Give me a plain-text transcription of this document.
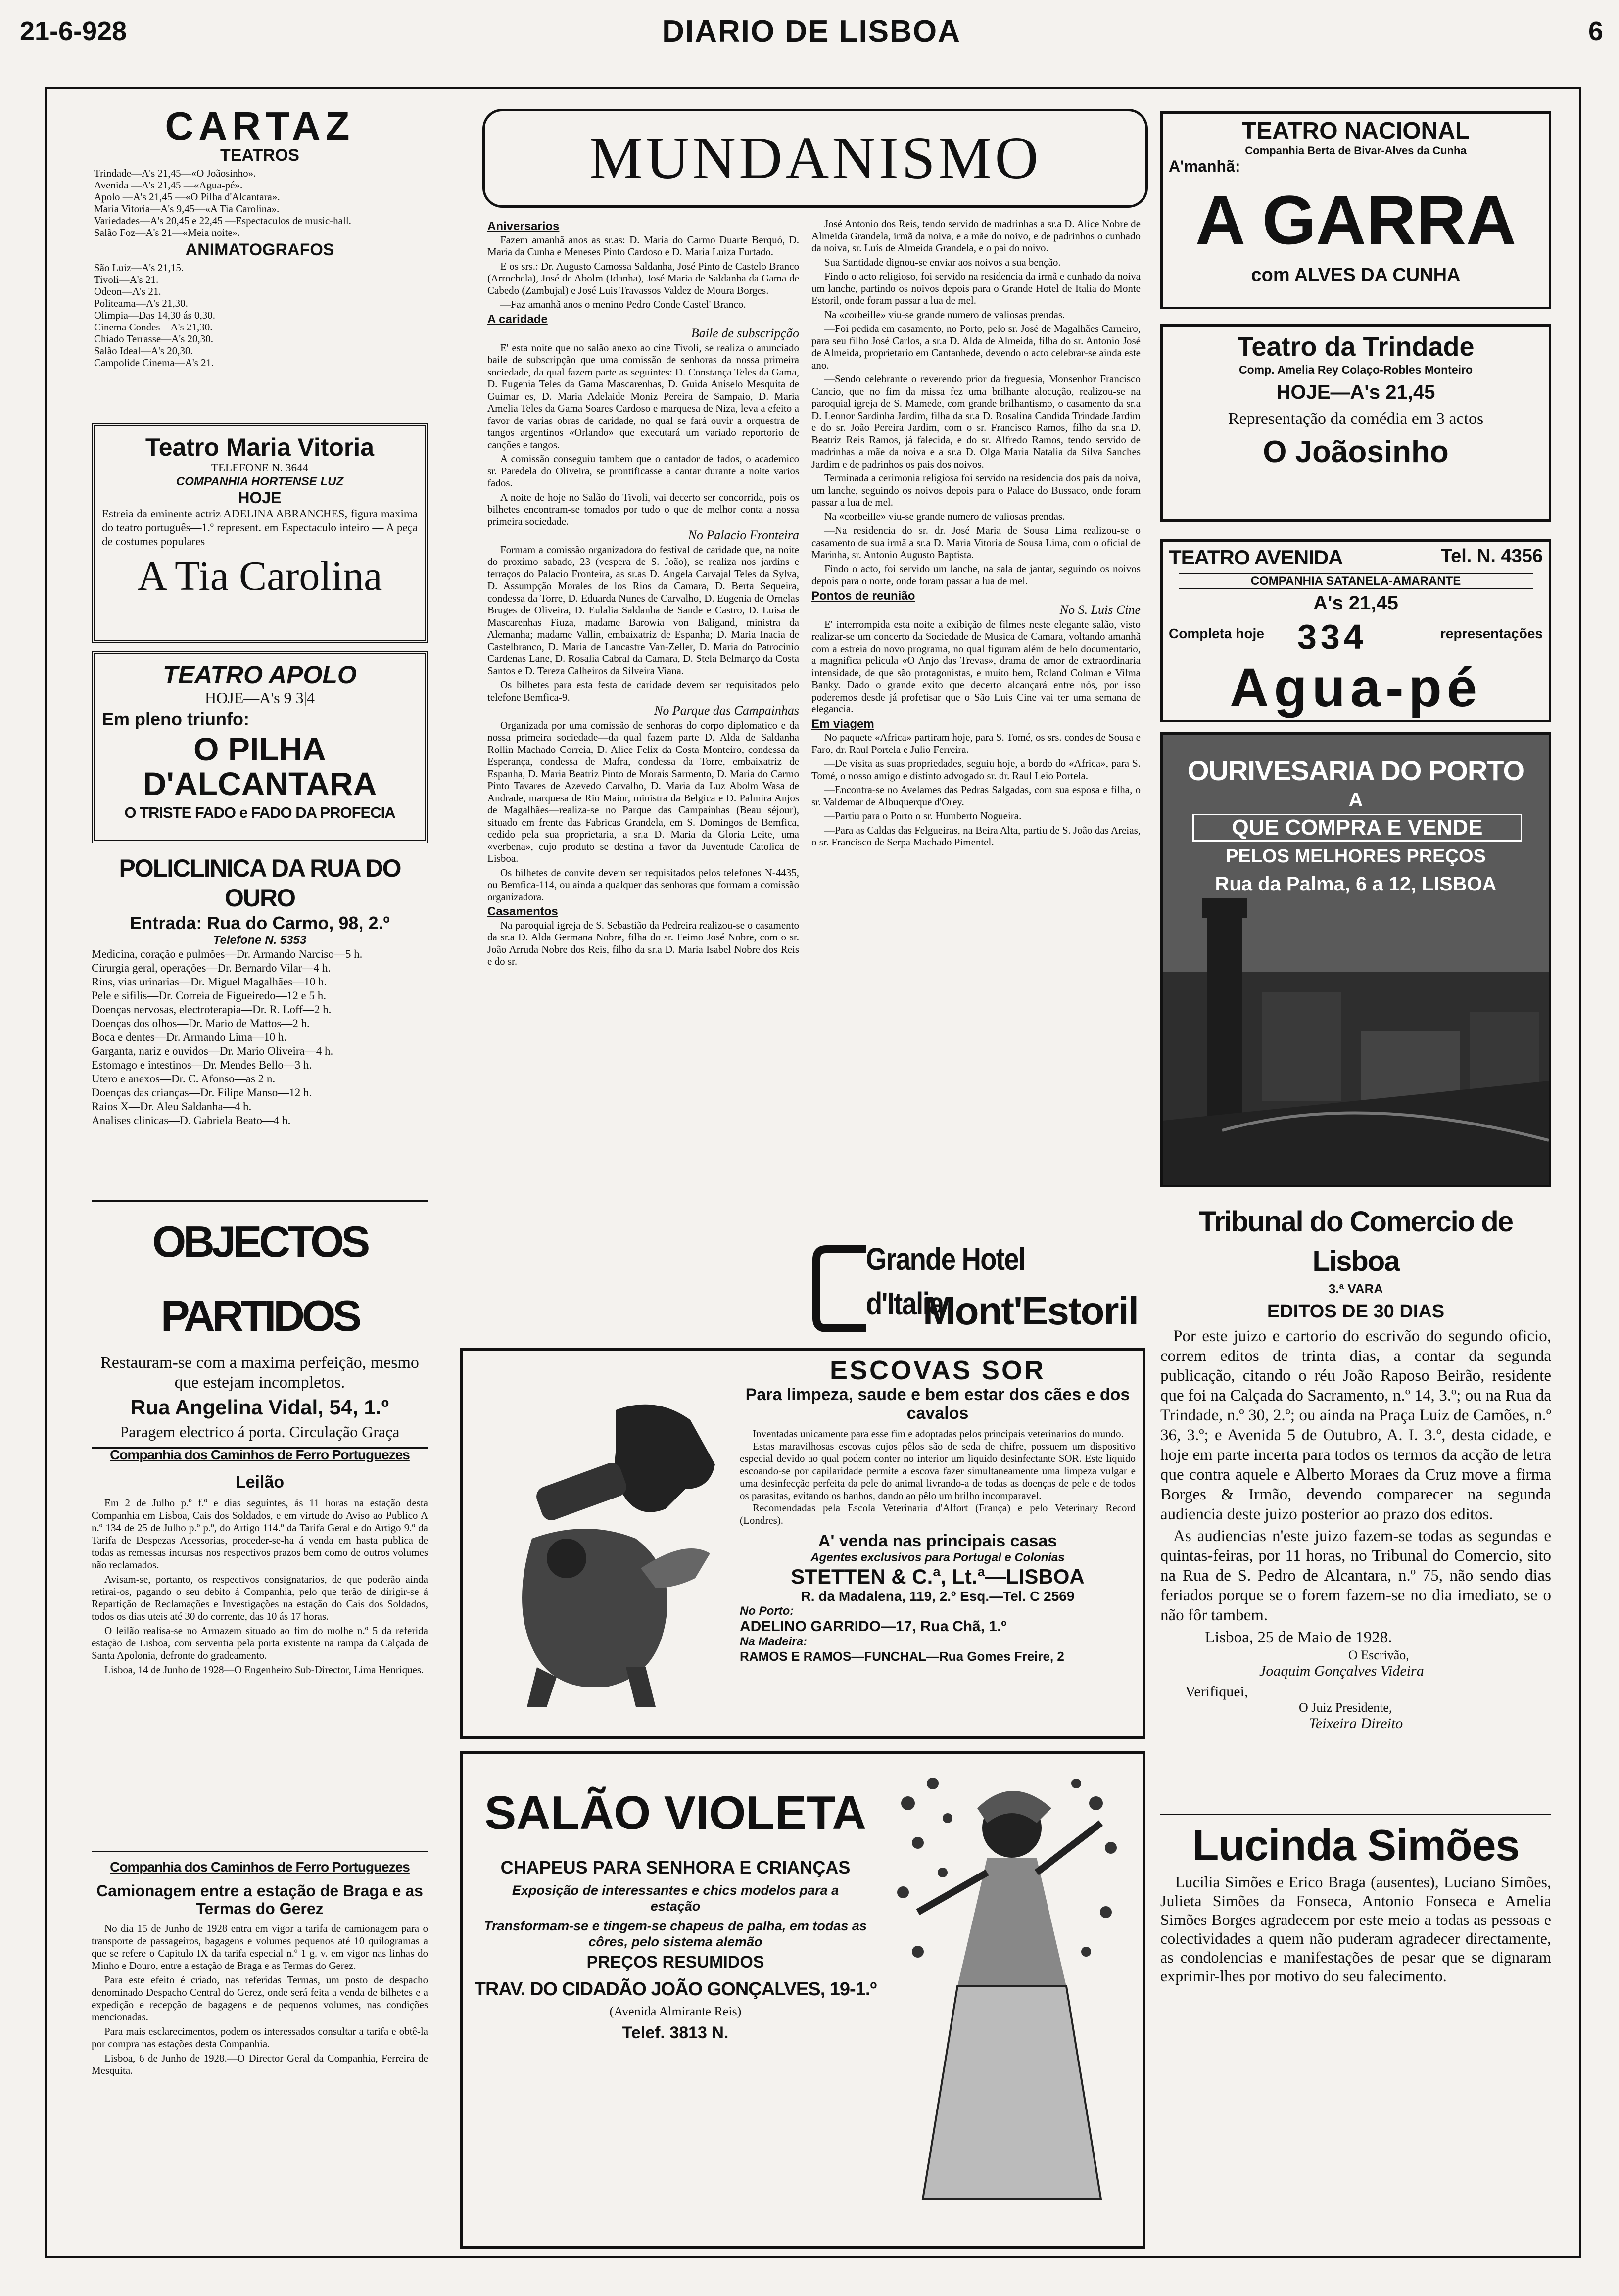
21-6-928	DIARIO DE LISBOA	6
CARTAZ
TEATROS
Trindade—A's 21,45—«O Joãosinho».
Avenida —A's 21,45 —«Agua-pé».
Apolo —A's 21,45 —«O Pilha d'Alcantara».
Maria Vitoria—A's 9,45—«A Tia Carolina».
Variedades—A's 20,45 e 22,45 —Espectaculos de music-hall.
Salão Foz—A's 21—«Meia noite».
ANIMATOGRAFOS
São Luiz—A's 21,15.
Tivoli—A's 21.
Odeon—A's 21.
Politeama—A's 21,30.
Olimpia—Das 14,30 ás 0,30.
Cinema Condes—A's 21,30.
Chiado Terrasse—A's 20,30.
Salão Ideal—A's 20,30.
Campolide Cinema—A's 21.
Teatro Maria Vitoria
TELEFONE N. 3644
COMPANHIA HORTENSE LUZ
HOJE
Estreia da eminente actriz ADELINA ABRANCHES, figura maxima do teatro português—1.º represent. em Espectaculo inteiro — A peça de costumes populares
A Tia Carolina
TEATRO APOLO
HOJE—A's 9 3|4
Em pleno triunfo:
O PILHA
D'ALCANTARA
O TRISTE FADO e FADO DA PROFECIA
POLICLINICA DA RUA DO OURO
Entrada: Rua do Carmo, 98, 2.º
Telefone N. 5353
Medicina, coração e pulmões—Dr. Armando Narciso—5 h.
Cirurgia geral, operações—Dr. Bernardo Vilar—4 h.
Rins, vias urinarias—Dr. Miguel Magalhães—10 h.
Pele e sifilis—Dr. Correia de Figueiredo—12 e 5 h.
Doenças nervosas, electroterapia—Dr. R. Loff—2 h.
Doenças dos olhos—Dr. Mario de Mattos—2 h.
Boca e dentes—Dr. Armando Lima—10 h.
Garganta, nariz e ouvidos—Dr. Mario Oliveira—4 h.
Estomago e intestinos—Dr. Mendes Bello—3 h.
Utero e anexos—Dr. C. Afonso—as 2 n.
Doenças das crianças—Dr. Filipe Manso—12 h.
Raios X—Dr. Aleu Saldanha—4 h.
Analises clinicas—D. Gabriela Beato—4 h.
OBJECTOS PARTIDOS
Restauram-se com a maxima perfeição, mesmo que estejam incompletos.
Rua Angelina Vidal, 54, 1.º
Paragem electrico á porta. Circulação Graça
Companhia dos Caminhos de Ferro Portuguezes
Leilão

Em 2 de Julho p.º f.º e dias seguintes, ás 11 horas na estação desta Companhia em Lisboa, Cais dos Soldados, e em virtude do Aviso ao Publico A n.º 134 de 25 de Julho p.º p.º, do Artigo 114.º da Tarifa Geral e do Artigo 9.º da Tarifa de Despezas Acessorias, proceder-se-ha á venda em hasta publica de todas as remessas incursas nos respectivos prazos bem como de outros volumes não reclamados.

Avisam-se, portanto, os respectivos consignatarios, de que poderão ainda retirai-os, pagando o seu debito á Companhia, pelo que terão de dirigir-se á Repartição de Reclamações e Investigações na estação do Cais dos Soldados, todos os dias uteis até 30 do corrente, das 10 ás 17 horas.

O leilão realisa-se no Armazem situado ao fim do molhe n.º 5 da referida estação de Lisboa, com serventia pela porta existente na rampa da Calçada de Santa Apolonia, defronte do gradeamento.

Lisboa, 14 de Junho de 1928—O Engenheiro Sub-Director, Lima Henriques.

Companhia dos Caminhos de Ferro Portuguezes
Camionagem entre a estação de Braga e as Termas do Gerez

No dia 15 de Junho de 1928 entra em vigor a tarifa de camionagem para o transporte de passageiros, bagagens e volumes pequenos até 10 quilogramas a que se refere o Capitulo IX da tarifa especial n.º 1 g. v. em vigor nas linhas do Minho e Douro, entre a estação de Braga e as Termas do Gerez.

Para este efeito é criado, nas referidas Termas, um posto de despacho denominado Despacho Central do Gerez, onde será feita a venda de bilhetes e a expedição e recepção de bagagens e de pequenos volumes, nas condições mencionadas.

Para mais esclarecimentos, podem os interessados consultar a tarifa e obtê-la por compra nas estações desta Companhia.

Lisboa, 6 de Junho de 1928.—O Director Geral da Companhia, Ferreira de Mesquita.

MUNDANISMO
Aniversarios

Fazem amanhã anos as sr.as: D. Maria do Carmo Duarte Berquó, D. Maria da Cunha e Meneses Pinto Cardoso e D. Maria Luiza Furtado.

E os srs.: Dr. Augusto Camossa Saldanha, José Pinto de Castelo Branco (Arrochela), José de Abolm (Idanha), José Maria de Saldanha da Gama de Cabedo (Zambujal) e José Luis Travassos Valdez de Moura Borges.

—Faz amanhã anos o menino Pedro Conde Castel' Branco.

A caridade
Baile de subscripção

E' esta noite que no salão anexo ao cine Tivoli, se realiza o anunciado baile de subscripção que uma comissão de senhoras da nossa primeira sociedade, da qual fazem parte as seguintes: D. Constança Teles da Gama, D. Eugenia Teles da Gama Mascarenhas, D. Guida Aniselo Mesquita de Guimar es, D. Maria Adelaide Moniz Pereira de Sampaio, D. Maria Amelia Teles da Gama Soares Cardoso e marquesa de Niza, leva a efeito a favor de varias obras de caridade, no qual se fará ouvir a orquestra de tangos argentinos «Orlando» que executará um variado reportorio de canções e tangos.

A comissão conseguiu tambem que o cantador de fados, o academico sr. Paredela do Oliveira, se prontificasse a cantar durante a noite varios fados.

A noite de hoje no Salão do Tivoli, vai decerto ser concorrida, pois os bilhetes encontram-se tomados por tudo o que de melhor conta a nossa primeira sociedade.

No Palacio Fronteira

Formam a comissão organizadora do festival de caridade que, na noite do proximo sabado, 23 (vespera de S. João), se realiza nos jardins e terraços do Palacio Fronteira, as sr.as D. Angela Carvajal Teles da Sylva, D. Assumpção Morales de los Rios da Camara, D. Berta Sequeira, condessa da Torre, D. Eduarda Nunes de Carvalho, D. Eugenia de Ornelas Bruges de Oliveira, D. Eulalia Saldanha de Sande e Castro, D. Luisa de Mascarenhas Fiuza, madame Barowia von Baligand, ministra da Alemanha; madame Vallin, embaixatriz de Espanha; D. Maria Inacia de Castelbranco, D. Maria de Lancastre Van-Zeller, D. Maria do Patrocinio Cardenas Lane, D. Rosalia Cabral da Camara, D. Stela Belmarço da Costa Santos e D. Tereza Calheiros da Silveira Viana.

Os bilhetes para esta festa de caridade devem ser requisitados pelo telefone Bemfica-9.

No Parque das Campainhas

Organizada por uma comissão de senhoras do corpo diplomatico e da nossa primeira sociedade—da qual fazem parte D. Alda de Saldanha Rollin Machado Correia, D. Alice Felix da Costa Monteiro, condessa da Esperança, condessa de Mafra, condessa da Torre, embaixatriz de Espanha, D. Maria Beatriz Pinto de Morais Sarmento, D. Maria do Carmo Pinto Tavares de Azevedo Carvalho, D. Maria da Luz Abolm Wasa de Andrade, marquesa de Rio Maior, ministra da Belgica e D. Palmira Anjos de Magalhães—realiza-se no Parque das Campainhas (Beau séjour), situado em frente das Fabricas Grandela, em S. Domingos de Bemfica, cedido pela sua proprietaria, a sr.a D. Maria da Gloria Leite, uma «verbena», cujo produto se destina a favor da Juventude Catolica de Lisboa.

Os bilhetes de convite devem ser requisitados pelos telefones N-4435, ou Bemfica-114, ou ainda a qualquer das senhoras que formam a comissão organizadora.

Casamentos

Na paroquial igreja de S. Sebastião da Pedreira realizou-se o casamento da sr.a D. Alda Germana Nobre, filha do sr. Feimo José Nobre, com o sr. João Arruda Nobre dos Reis, filho da sr.a D. Maria Isabel Nobre dos Reis e do sr.

José Antonio dos Reis, tendo servido de madrinhas a sr.a D. Alice Nobre de Almeida Grandela, irmã da noiva, e a mãe do noivo, e de padrinhos o cunhado da noiva, sr. Luís de Almeida Grandela, e o pai do noivo.

Sua Santidade dignou-se enviar aos noivos a sua benção.

Findo o acto religioso, foi servido na residencia da irmã e cunhado da noiva um lanche, partindo os noivos depois para o Grande Hotel de Italia do Monte Estoril, onde foram passar a lua de mel.

Na «corbeille» viu-se grande numero de valiosas prendas.

—Foi pedida em casamento, no Porto, pelo sr. José de Magalhães Carneiro, para seu filho José Carlos, a sr.a D. Alda de Almeida, filha do sr. Antonio José de Almeida, proprietario em Cantanhede, devendo o acto celebrar-se ainda este ano.

—Sendo celebrante o reverendo prior da freguesia, Monsenhor Francisco Cancio, que no fim da missa fez uma brilhante alocução, realizou-se na paroquial igreja de S. Mamede, com grande brilhantismo, o casamento da sr.a D. Leonor Sardinha Jardim, filha da sr.a D. Rosalina Candida Trindade Jardim e do sr. João Pereira Jardim, com o sr. Francisco Ramos, filho da sr.a D. Beatriz Reis Ramos, já falecida, e do sr. Alfredo Ramos, tendo servido de madrinhas a mãe da noiva e a sr.a D. Olga Maria Natalia da Silva Sanches Jardim e de padrinhos os pais dos noivos.

Terminada a cerimonia religiosa foi servido na residencia dos pais da noiva, um lanche, seguindo os noivos depois para o Palace do Bussaco, onde foram passar a lua de mel.

Na «corbeille» viu-se grande numero de valiosas prendas.

—Na residencia do sr. dr. José Maria de Sousa Lima realizou-se o casamento de sua irmã a sr.a D. Maria Vitoria de Sousa Lima, com o oficial de Marinha, sr. Antonio Augusto Baptista.

Findo o acto, foi servido um lanche, na sala de jantar, seguindo os noivos depois para o norte, onde foram passar a lua de mel.

Pontos de reunião
No S. Luis Cine

E' interrompida esta noite a exibição de filmes neste elegante salão, visto realizar-se um concerto da Sociedade de Musica de Camara, voltando amanhã com a estreia do novo programa, no qual figuram além de belo documentario, a magnifica pelicula «O Anjo das Trevas», drama de amor de extraordinaria intensidade, de que são protagonistas, e muito bem, Roland Colman e Vilma Banky. Dado o grande exito que decerto alcançará entre nós, por isso poderemos desde já profetisar que o São Luis Cine vai ter uma semana de elegancia.

Em viagem

No paquete «Africa» partiram hoje, para S. Tomé, os srs. condes de Sousa e Faro, dr. Raul Portela e Julio Ferreira.

—De visita as suas propriedades, seguiu hoje, a bordo do «Africa», para S. Tomé, o nosso amigo e distinto advogado sr. dr. Raul Leio Portela.

—Encontra-se no Avelames das Pedras Salgadas, com sua esposa e filha, o sr. Valdemar de Albuquerque d'Orey.

—Partiu para o Porto o sr. Humberto Nogueira.

—Para as Caldas das Felgueiras, na Beira Alta, partiu de S. João das Areias, o sr. Francisco de Serpa Machado Pimentel.

Grande Hotel d'Italia
Mont'Estoril
ESCOVAS SOR
Para limpeza, saude e bem estar dos cães e dos cavalos
Inventadas unicamente para esse fim e adoptadas pelos principais veterinarios do mundo.
Estas maravilhosas escovas cujos pêlos são de seda de chifre, possuem um dispositivo especial devido ao qual podem conter no interior um liquido desinfectante SOR. Este liquido escoando-se por capilaridade permite a escova fazer simultaneamente uma limpeza vulgar e uma desinfecção perfeita da pele do animal livrando-a de todas as doenças de pele e de todos os parasitas, evitando os banhos, dando ao pêlo um brilho incomparavel.
Recomendadas pela Escola Veterinaria d'Alfort (França) e pelo Veterinary Record (Londres).
A' venda nas principais casas
Agentes exclusivos para Portugal e Colonias
STETTEN & C.ª, Lt.ª—LISBOA
R. da Madalena, 119, 2.º Esq.—Tel. C 2569
No Porto:
ADELINO GARRIDO—17, Rua Chã, 1.º
Na Madeira:
RAMOS E RAMOS—FUNCHAL—Rua Gomes Freire, 2
SALÃO VIOLETA
CHAPEUS PARA SENHORA E CRIANÇAS
Exposição de interessantes e chics modelos para a estação
Transformam-se e tingem-se chapeus de palha, em todas as côres, pelo sistema alemão
PREÇOS RESUMIDOS
TRAV. DO CIDADÃO JOÃO GONÇALVES, 19-1.º
(Avenida Almirante Reis)
Telef. 3813 N.
TEATRO NACIONAL
Companhia Berta de Bivar-Alves da Cunha
A'manhã:
A GARRA
com ALVES DA CUNHA
Teatro da Trindade
Comp. Amelia Rey Colaço-Robles Monteiro
HOJE—A's 21,45
Representação da comédia em 3 actos
O Joãosinho
TEATRO AVENIDA	Tel. N. 4356
COMPANHIA SATANELA-AMARANTE
A's 21,45
Completa hoje 334	representações
Agua-pé
OURIVESARIA DO PORTO
A
QUE COMPRA E VENDE
PELOS MELHORES PREÇOS
Rua da Palma, 6 a 12, LISBOA
Tribunal do Comercio de Lisboa
3.ª VARA
EDITOS DE 30 DIAS

Por este juizo e cartorio do escrivão do segundo oficio, correm editos de trinta dias, a contar da segunda publicação, citando o réu João Raposo Beirão, residente que foi na Calçada do Sacramento, n.º 14, 3.º; ou na Rua da Trindade, n.º 30, 2.º; ou ainda na Praça Luiz de Camões, n.º 36, 3.º; e Avenida 5 de Outubro, A. I. 3.º, desta cidade, e hoje em parte incerta para todos os termos da acção de letra que contra aquele e Alberto Moraes da Cruz move a firma Borges & Irmão, devendo comparecer na segunda audiencia deste juizo posterior ao prazo dos editos.

As audiencias n'este juizo fazem-se todas as segundas e quintas-feiras, por 11 horas, no Tribunal do Comercio, sito na Rua de S. Pedro de Alcantara, n.º 75, não sendo dias feriados porque se o forem fazem-se no dia imediato, se o não fôr tambem.

Lisboa, 25 de Maio de 1928.
O Escrivão,
Joaquim Gonçalves Videira
Verifiquei,
O Juiz Presidente,
Teixeira Direito
Lucinda Simões
Lucilia Simões e Erico Braga (ausentes), Luciano Simões, Julieta Simões da Fonseca, Antonio Fonseca e Amelia Simões Borges agradecem por este meio a todas as pessoas e colectividades a quem não puderam agradecer directamente, as condolencias e manifestações de pesar que se dignaram exprimir-lhes por motivo do seu falecimento.
